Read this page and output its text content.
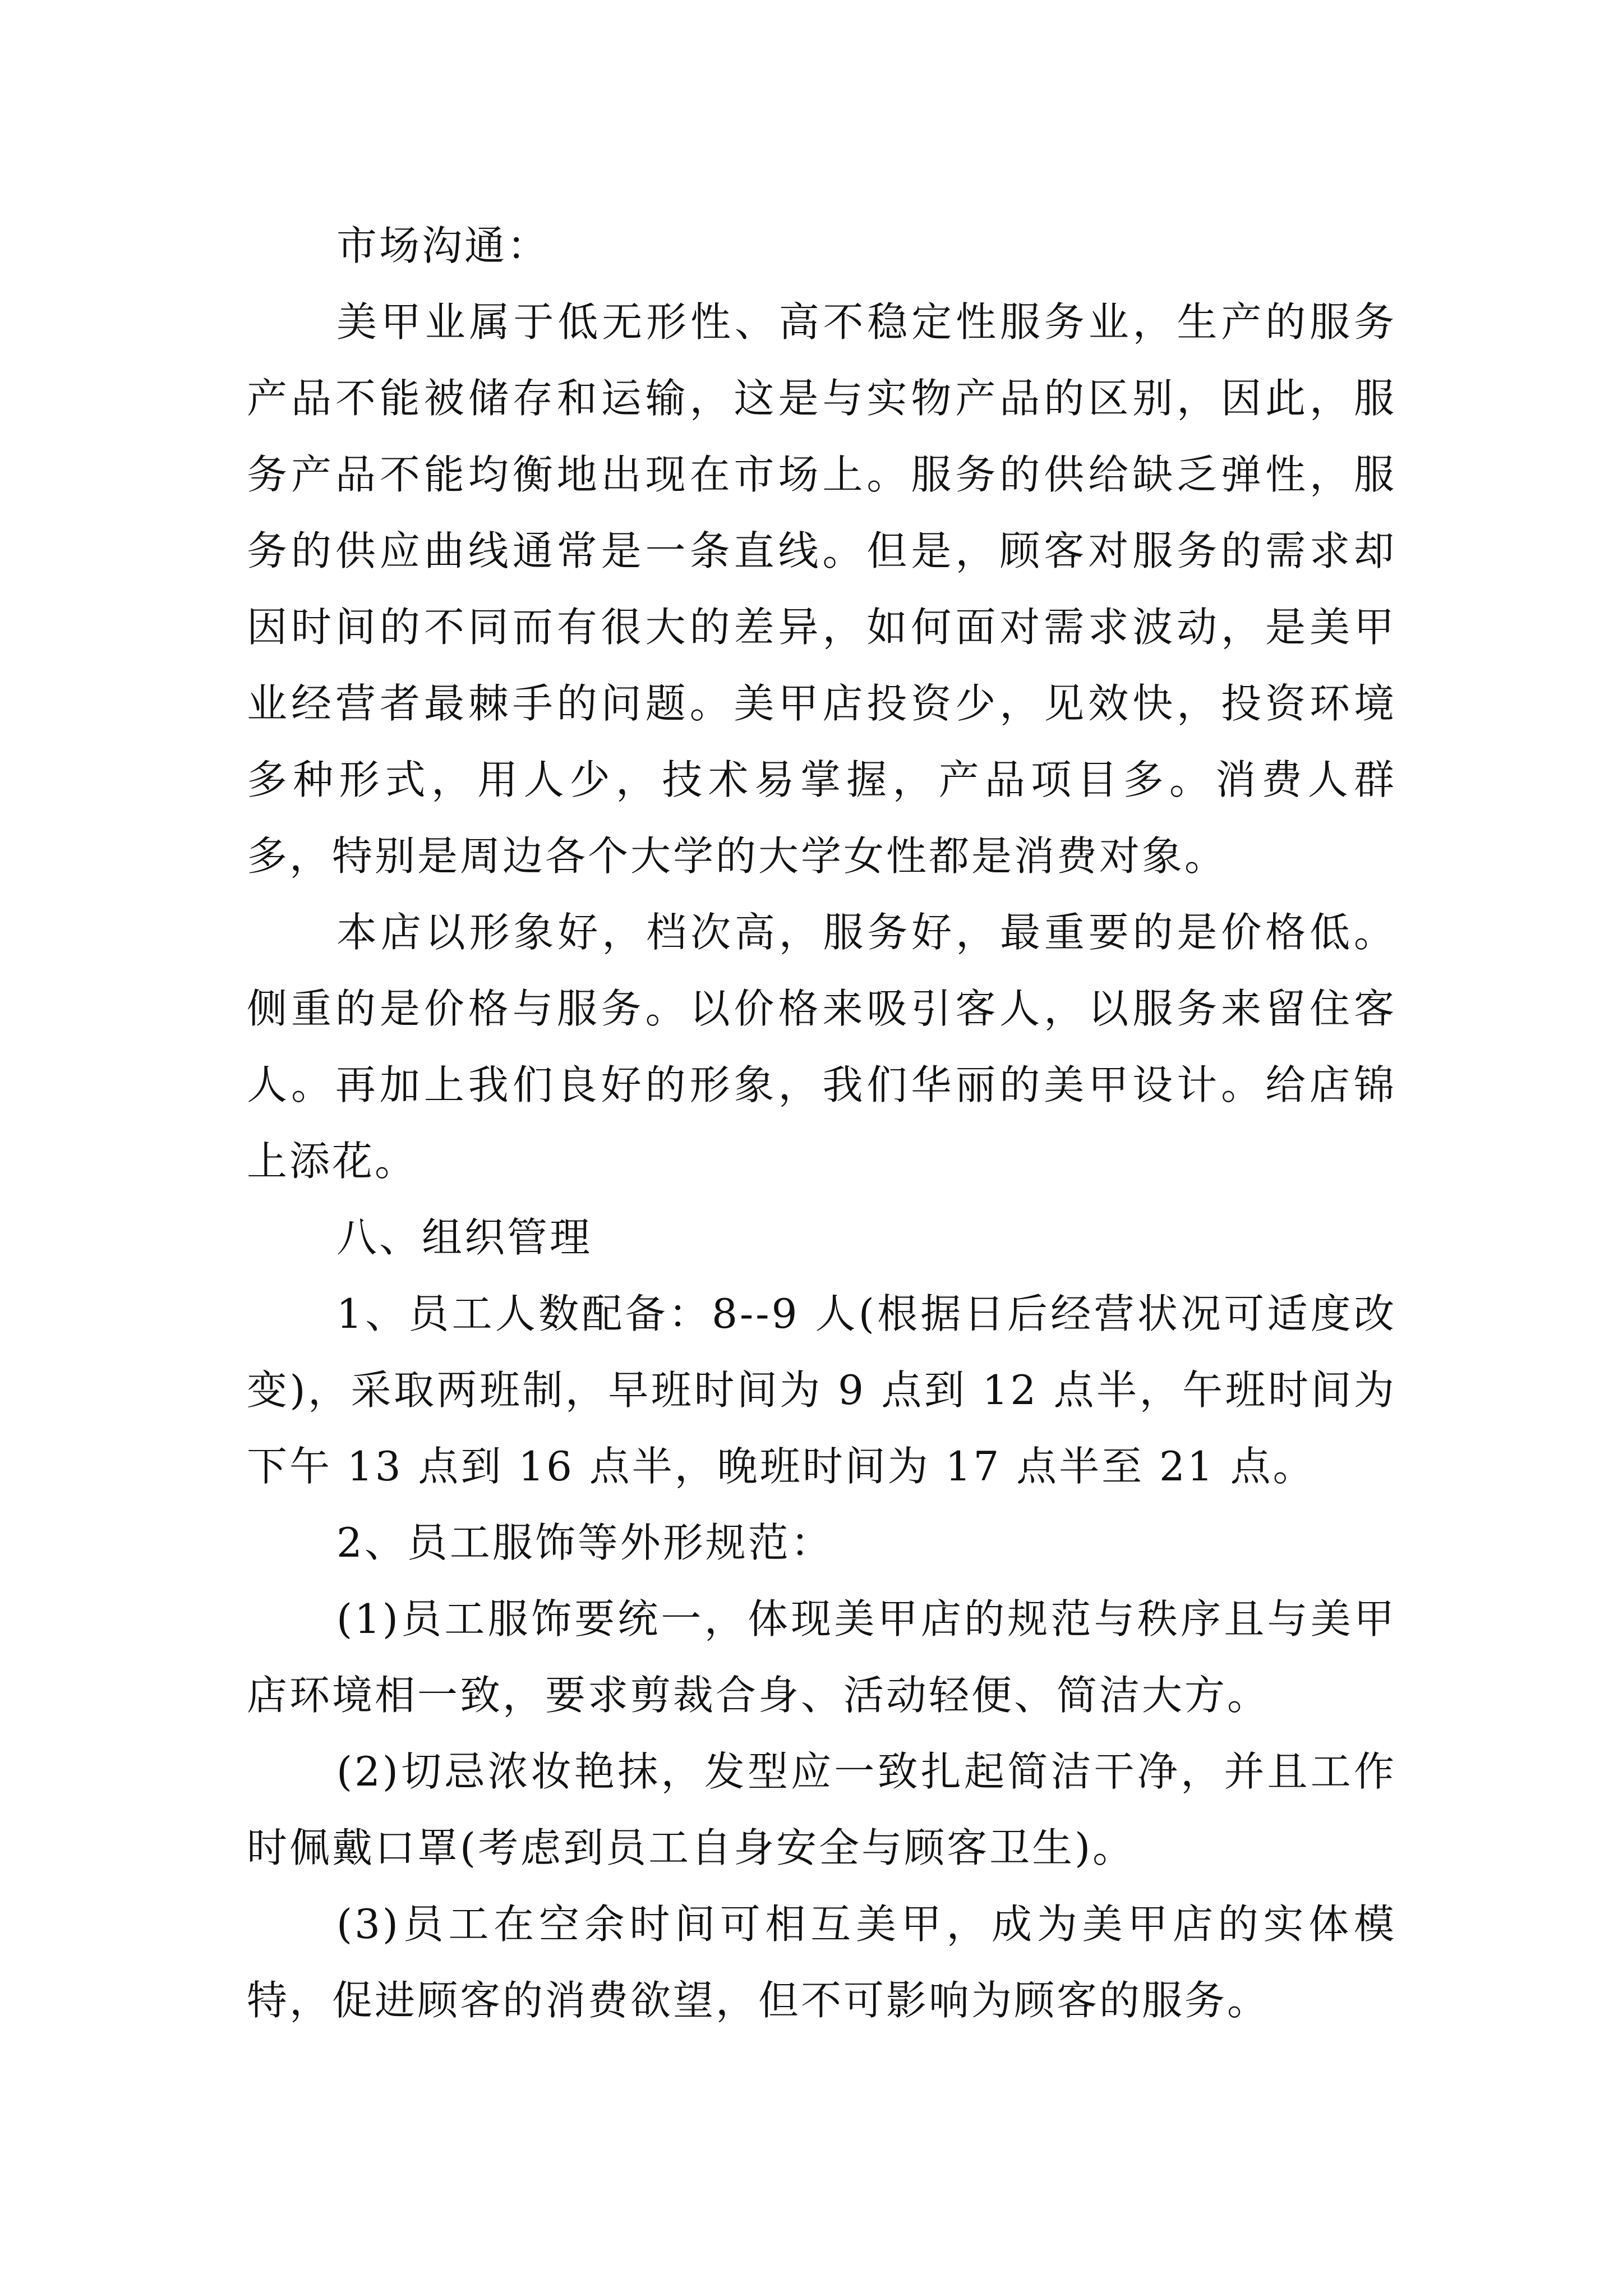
市场沟通：

美甲业属于低无形性、高不稳定性服务业，生产的服务产品不能被储存和运输，这是与实物产品的区别，因此，服务产品不能均衡地出现在市场上。服务的供给缺乏弹性，服务的供应曲线通常是一条直线。但是，顾客对服务的需求却因时间的不同而有很大的差异，如何面对需求波动，是美甲业经营者最棘手的问题。美甲店投资少，见效快，投资环境多种形式，用人少，技术易掌握，产品项目多。消费人群多，特别是周边各个大学的大学女性都是消费对象。

本店以形象好，档次高，服务好，最重要的是价格低。侧重的是价格与服务。以价格来吸引客人，以服务来留住客人。再加上我们良好的形象，我们华丽的美甲设计。给店锦上添花。

八、组织管理

1、员工人数配备：8--9 人(根据日后经营状况可适度改变)，采取两班制，早班时间为 9 点到 12 点半，午班时间为下午 13 点到 16 点半，晚班时间为 17 点半至 21 点。

2、员工服饰等外形规范：

(1)员工服饰要统一，体现美甲店的规范与秩序且与美甲店环境相一致，要求剪裁合身、活动轻便、简洁大方。

(2)切忌浓妆艳抹，发型应一致扎起简洁干净，并且工作时佩戴口罩(考虑到员工自身安全与顾客卫生)。

(3)员工在空余时间可相互美甲，成为美甲店的实体模特，促进顾客的消费欲望，但不可影响为顾客的服务。
